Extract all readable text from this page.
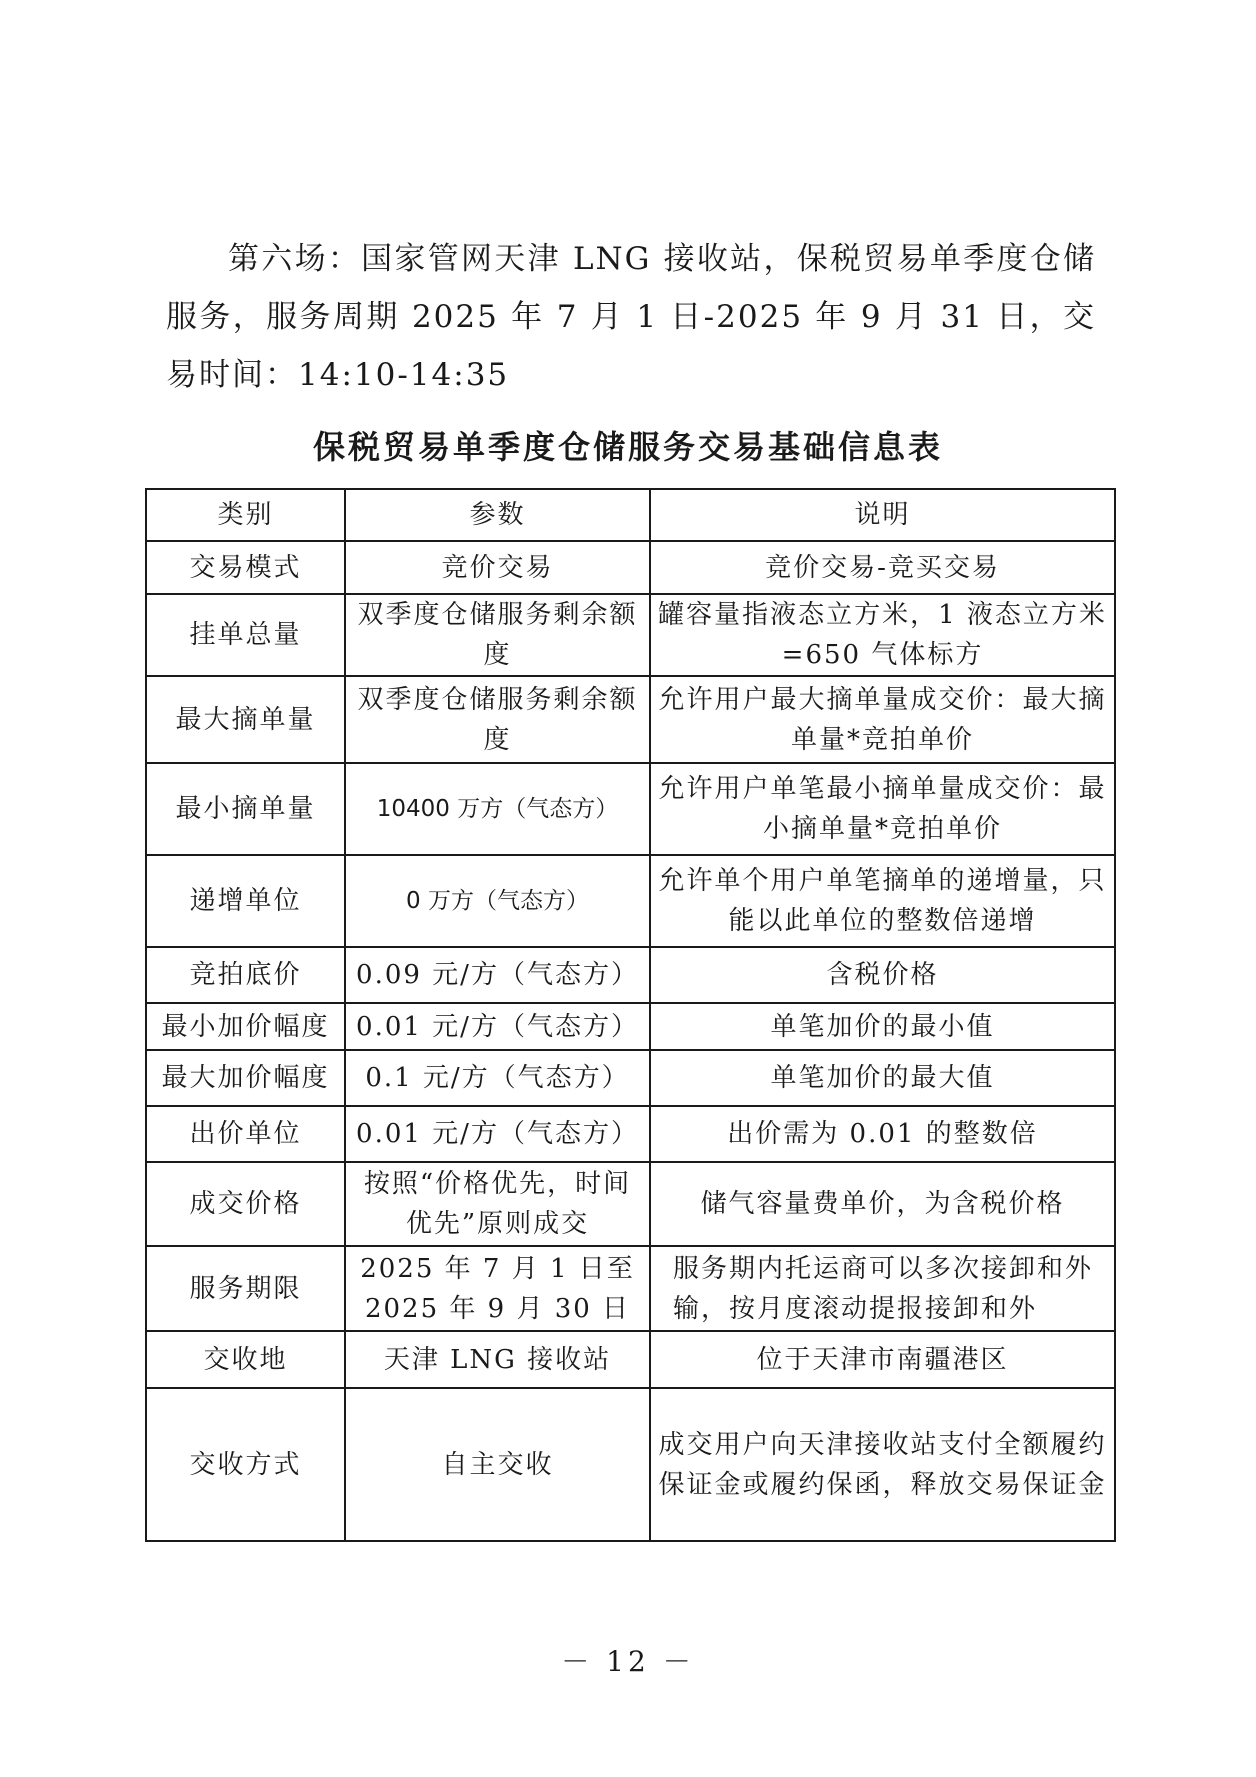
第六场：国家管网天津 LNG 接收站，保税贸易单季度仓储服务，服务周期 2025 年 7 月 1 日-2025 年 9 月 31 日，交易时间：14:10-14:35

保税贸易单季度仓储服务交易基础信息表
类别	参数	说明
交易模式	竞价交易	竞价交易-竞买交易
挂单总量	双季度仓储服务剩余额度	罐容量指液态立方米，1 液态立方米=650 气体标方
最大摘单量	双季度仓储服务剩余额度	允许用户最大摘单量成交价：最大摘单量*竞拍单价
最小摘单量	10400 万方（气态方）	允许用户单笔最小摘单量成交价：最小摘单量*竞拍单价
递增单位	0 万方（气态方）	允许单个用户单笔摘单的递增量，只能以此单位的整数倍递增
竞拍底价	0.09 元/方（气态方）	含税价格
最小加价幅度	0.01 元/方（气态方）	单笔加价的最小值
最大加价幅度	0.1 元/方（气态方）	单笔加价的最大值
出价单位	0.01 元/方（气态方）	出价需为 0.01 的整数倍
成交价格	按照“价格优先，时间优先”原则成交	储气容量费单价，为含税价格
服务期限	2025 年 7 月 1 日至 2025 年 9 月 30 日	服务期内托运商可以多次接卸和外输，按月度滚动提报接卸和外
交收地	天津 LNG 接收站	位于天津市南疆港区
交收方式	自主交收	成交用户向天津接收站支付全额履约保证金或履约保函，释放交易保证金
－ 12 －
